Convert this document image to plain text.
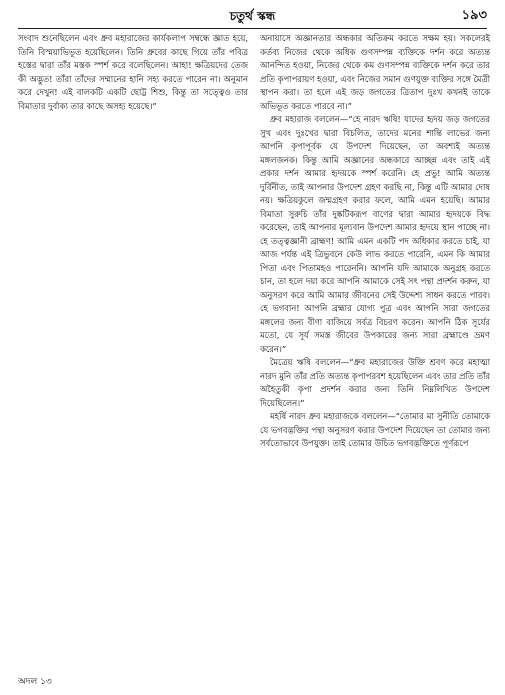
চতুর্থ স্কন্ধ	১৯৩

সংবাদ শুনেছিলেন এবং ধ্রুব মহারাজের কার্যকলাপ সম্বন্ধে জ্ঞাত হয়ে, তিনি বিস্ময়াভিভূত হয়েছিলেন। তিনি ধ্রুবের কাছে গিয়ে তাঁর পবিত্র হস্তের দ্বারা তাঁর মস্তক স্পর্শ করে বলেছিলেন। আহা! ক্ষত্রিয়দের তেজ কী অদ্ভুত! তাঁরা তাঁদের সম্মানের হানি সহ্য করতে পারেন না। অনুমান করে দেখুন! এই বালকটি একটি ছোট্ট শিশু, কিন্তু তা সত্ত্বেও তার বিমাতার দুর্বাক্য তার কাছে অসহ্য হয়েছে।”

অনায়াসে অজ্ঞানতার অন্ধকার অতিক্রম করতে সক্ষম হয়। সকলেরই কর্তব্য নিজের থেকে অধিক গুণসম্পন্ন ব্যক্তিকে দর্শন করে অত্যন্ত আনন্দিত হওয়া, নিজের থেকে কম গুণসম্পন্ন ব্যক্তিকে দর্শন করে তার প্রতি কৃপাপরায়ণ হওয়া, এবং নিজের সমান গুণযুক্ত ব্যক্তির সঙ্গে মৈত্রী স্থাপন করা। তা হলে এই জড় জগতের ত্রিতাপ দুঃখ কখনই তাকে অভিভূত করতে পারবে না।”

ধ্রুব মহারাজ বললেন—“হে নারদ ঋষি! যাদের হৃদয় জড় জগতের সুখ এবং দুঃখের দ্বারা বিচলিত, তাদের মনের শান্তি লাভের জন্য আপনি কৃপাপূর্বক যে উপদেশ দিয়েছেন, তা অবশ্যই অত্যন্ত মঙ্গলজনক। কিন্তু আমি অজ্ঞানের অন্ধকারে আচ্ছন্ন এবং তাই এই প্রকার দর্শন আমার হৃদয়কে স্পর্শ করেনি। হে প্রভু! আমি অত্যন্ত দুর্বিনীত, তাই আপনার উপদেশ গ্রহণ করছি না, কিন্তু এটি আমার দোষ নয়। ক্ষত্রিয়কুলে জন্মগ্রহণ করার ফলে, আমি এমন হয়েছি। আমার বিমাতা সুরুচি তাঁর দুষ্কটিকরূপ বাণের দ্বারা আমার হৃদয়কে বিদ্ধ করেছেন, তাই আপনার মূল্যবান উপদেশ আমার হৃদয়ে স্থান পাচ্ছে না। হে তত্ত্বজ্ঞানী ব্রাহ্মণ! আমি এমন একটি পদ অধিকার করতে চাই, যা আজ পর্যন্ত এই ত্রিভুবনে কেউ লাভ করতে পারেনি, এমন কি আমার পিতা এবং পিতামহও পারেননি। আপনি যদি আমাকে অনুগ্রহ করতে চান, তা হলে দয়া করে আপনি আমাকে সেই সৎ পন্থা প্রদর্শন করুন, যা অনুসরণ করে আমি আমার জীবনের সেই উদ্দেশ্য সাধন করতে পারব। হে ভগবান! আপনি ব্রহ্মার যোগ্য পুত্র এবং আপনি সারা জগতের মঙ্গলের জন্য বীণা বাজিয়ে সর্বত্র বিচরণ করেন। আপনি ঠিক সূর্যের মতো, যে সূর্য সমস্ত জীবের উপকারের জন্য সারা ব্রহ্মাণ্ডে ভ্রমণ করেন।”

মৈত্রেয় ঋষি বললেন—“ধ্রুব মহারাজের উক্তি শ্রবণ করে মহাত্মা নারদ মুনি তাঁর প্রতি অত্যন্ত কৃপাপরবশ হয়েছিলেন এবং তার প্রতি তাঁর অহৈতুকী কৃপা প্রদর্শন করার জন্য তিনি নিম্নলিখিত উপদেশ দিয়েছিলেন।”

মহর্ষি নারদ ধ্রুব মহারাজকে বললেন—“তোমার মা সুনীতি তোমাকে যে ভগবদ্ভক্তির পন্থা অনুসরণ করার উপদেশ দিয়েছেন তা তোমার জন্য সর্বতোভাবে উপযুক্ত। তাই তোমার উচিত ভগবদ্ভক্তিতে পূর্ণরূপে

অদল ১৩
